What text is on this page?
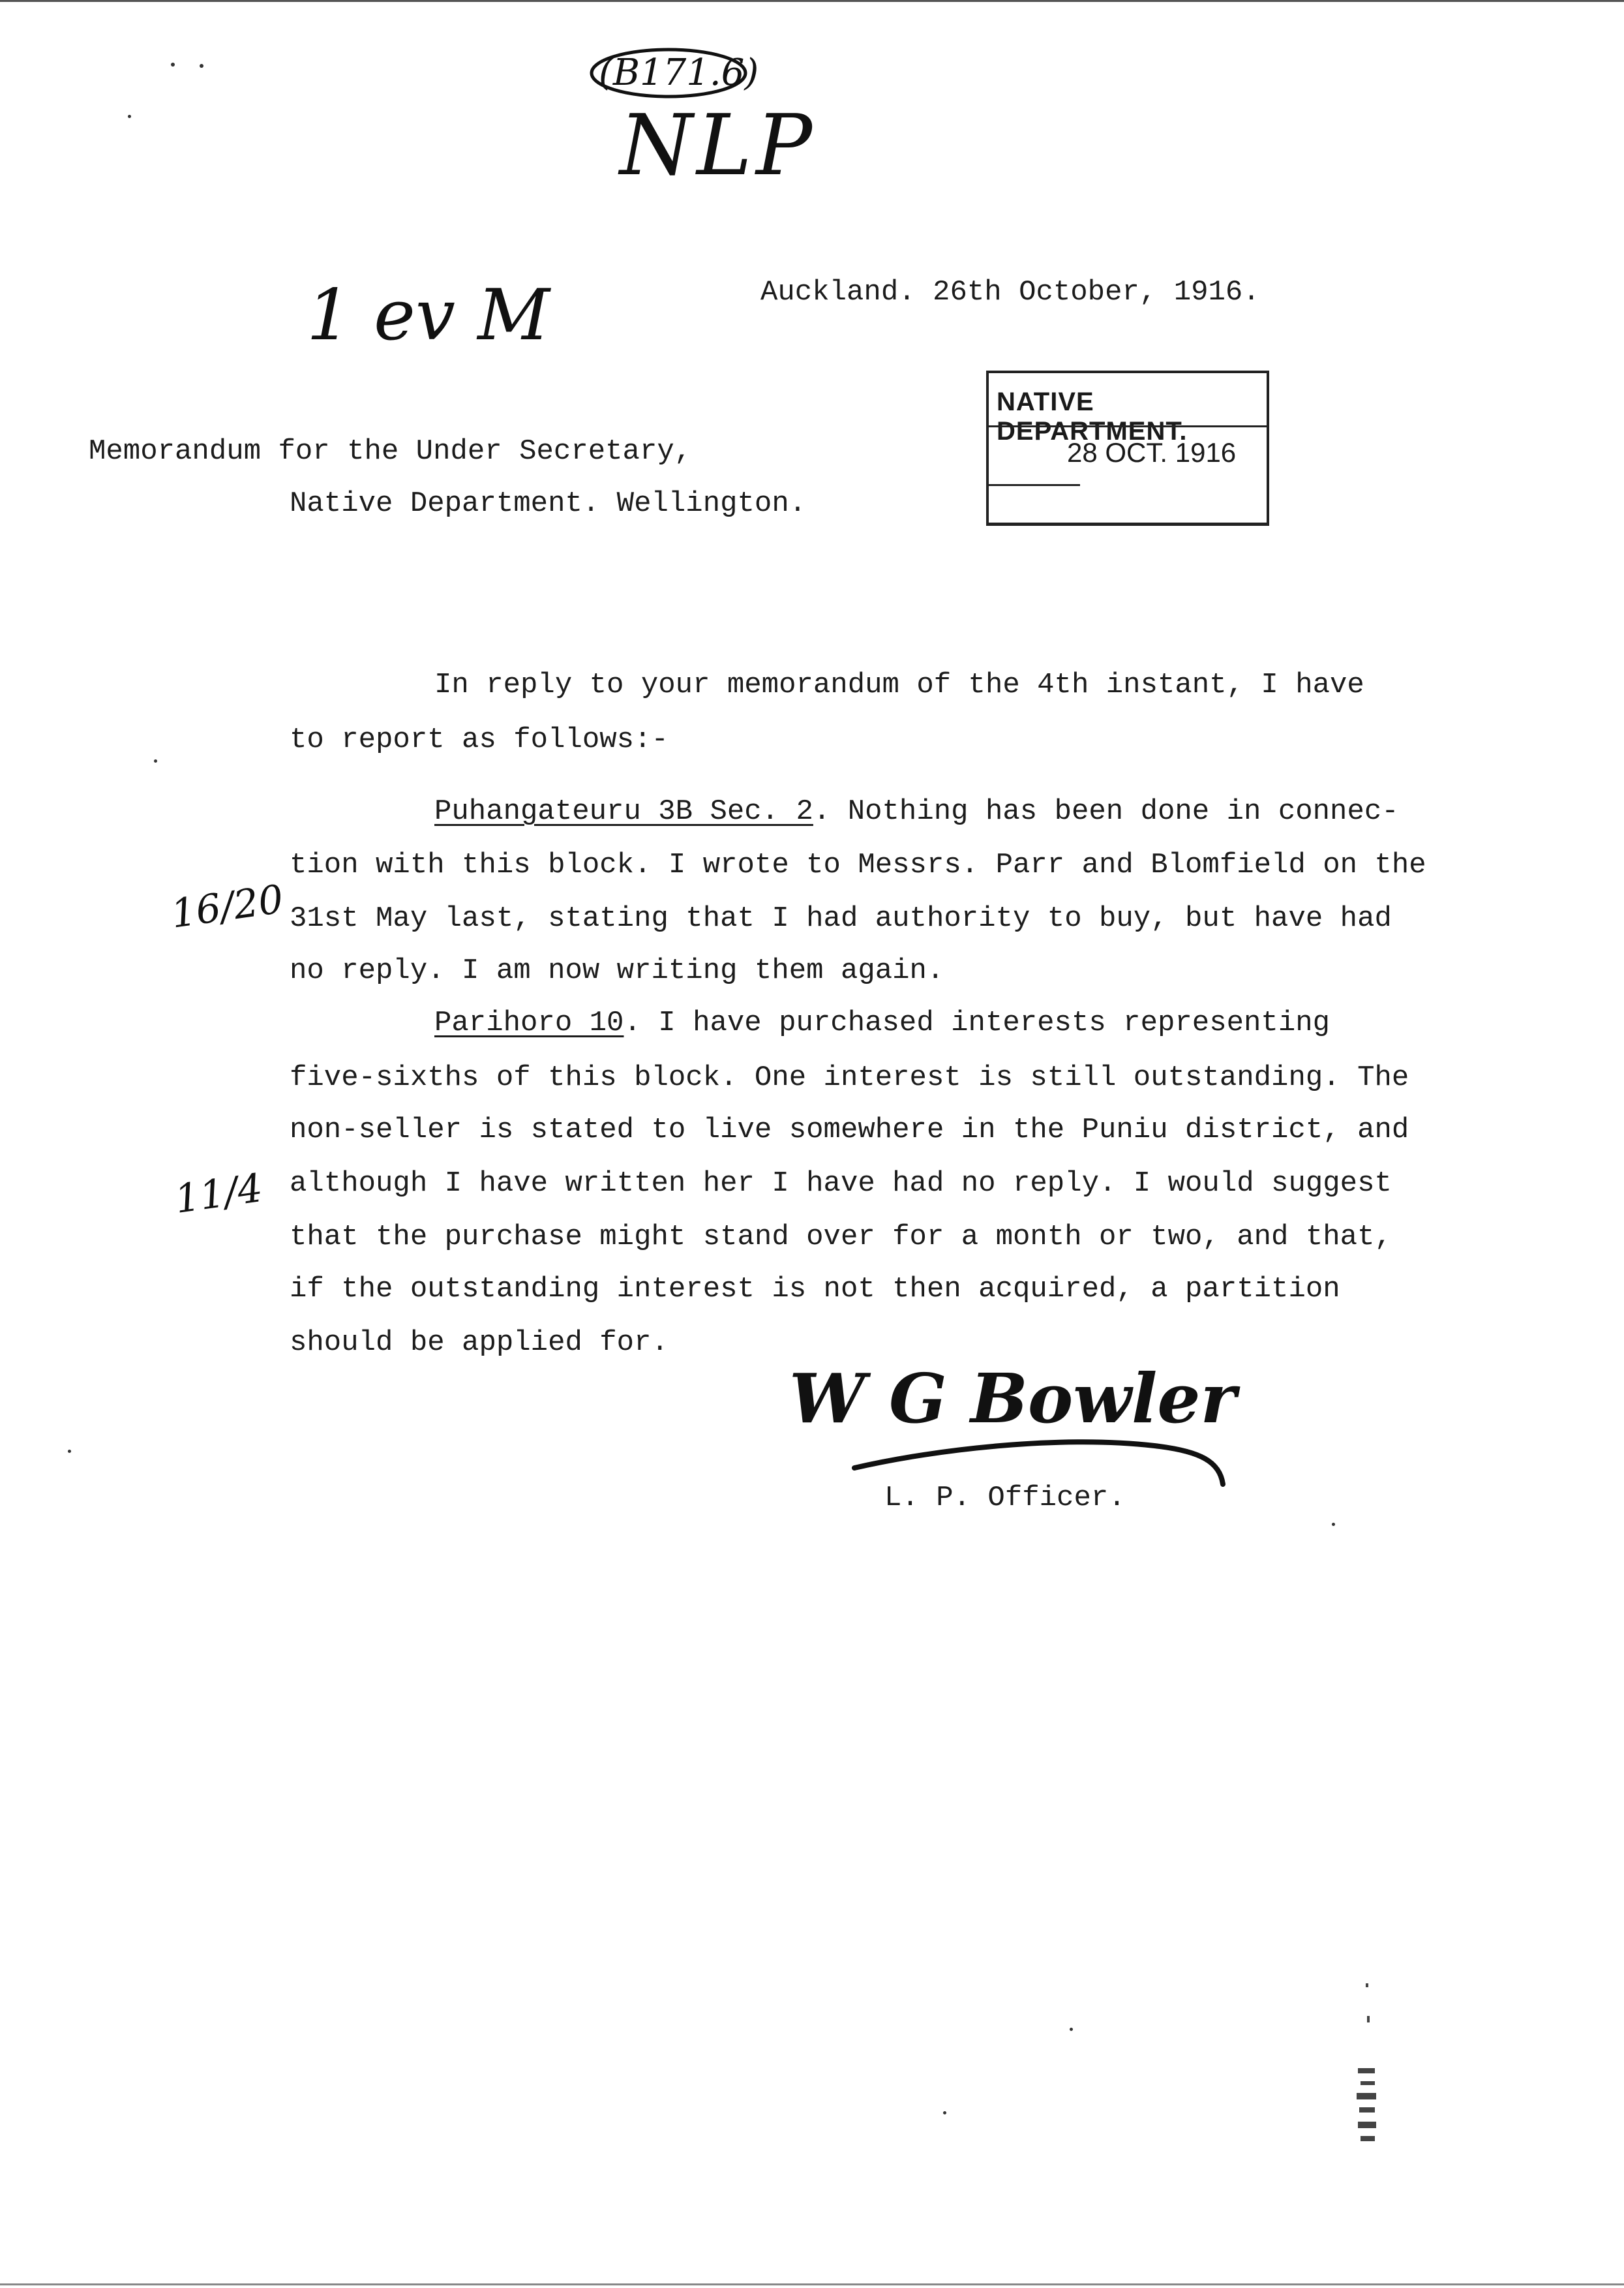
(B171.6)
NLP
1 ev M	Auckland. 26th October, 1916.
NATIVE DEPARTMENT.
28 OCT. 1916
Memorandum for the Under Secretary,
Native Department. Wellington.
In reply to your memorandum of the 4th instant, I have
to report as follows:-
Puhangateuru 3B Sec. 2. Nothing has been done in connec-
tion with this block. I wrote to Messrs. Parr and Blomfield on the
31st May last, stating that I had authority to buy, but have had
no reply. I am now writing them again.
16/20
Parihoro 10. I have purchased interests representing
five-sixths of this block. One interest is still outstanding. The
non-seller is stated to live somewhere in the Puniu district, and
although I have written her I have had no reply. I would suggest
that the purchase might stand over for a month or two, and that,
if the outstanding interest is not then acquired, a partition
should be applied for.
11/4
W G Bowler
L. P. Officer.
